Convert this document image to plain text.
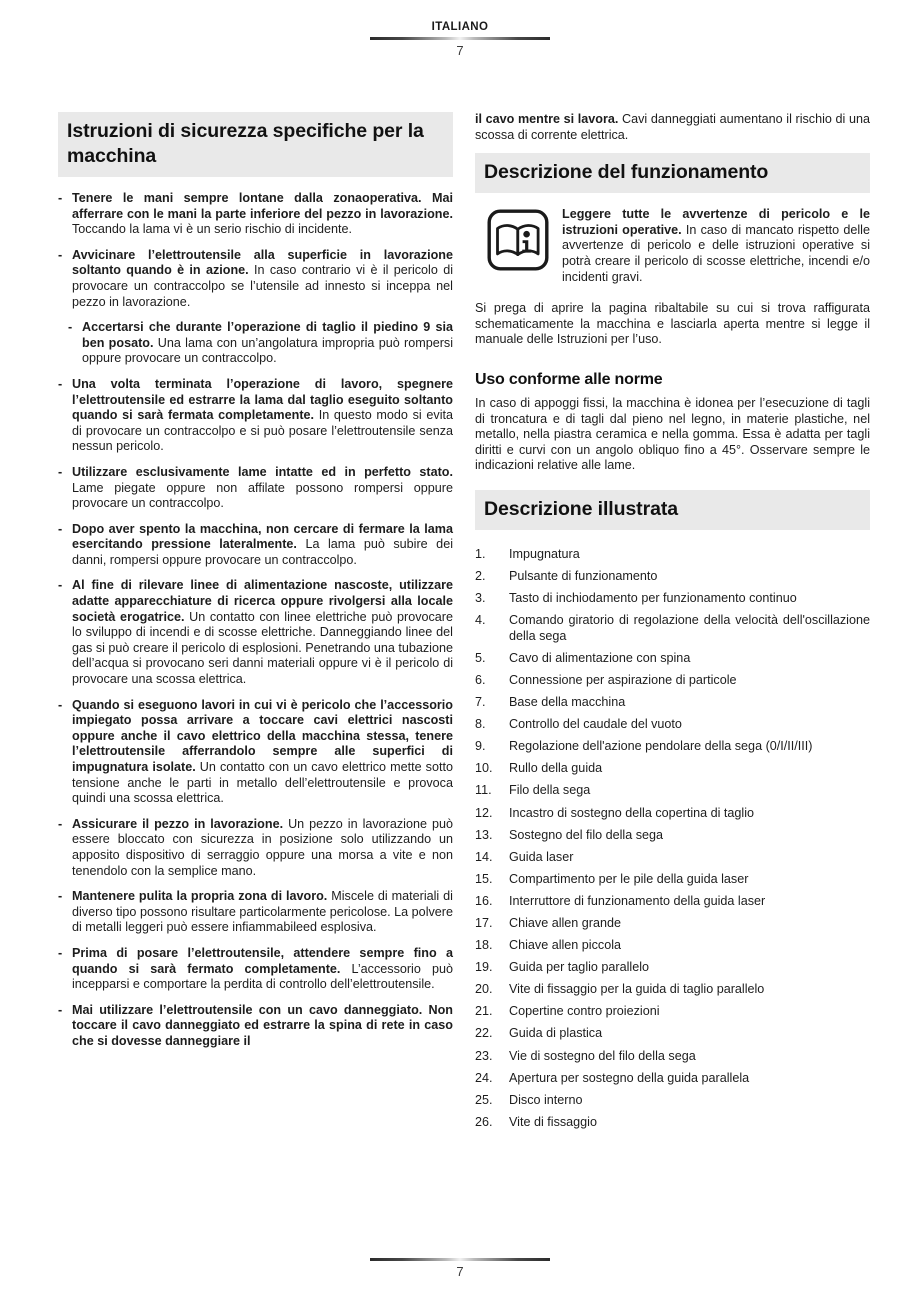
ITALIANO
7
Istruzioni di sicurezza specifiche per la macchina
- Tenere le mani sempre lontane dalla zonaoperativa. Mai afferrare con le mani la parte inferiore del pezzo in lavorazione. Toccando la lama vi è un serio rischio di incidente.
- Avvicinare l’elettroutensile alla superficie in lavorazione soltanto quando è in azione. In caso contrario vi è il pericolo di provocare un contraccolpo se l’utensile ad innesto si inceppa nel pezzo in lavorazione.
- Accertarsi che durante l’operazione di taglio il piedino 9 sia ben posato. Una lama con un’angolatura impropria può rompersi oppure provocare un contraccolpo.
- Una volta terminata l’operazione di lavoro, spegnere l’elettroutensile ed estrarre la lama dal taglio eseguito soltanto quando si sarà fermata completamente. In questo modo si evita di provocare un contraccolpo e si può posare l’elettroutensile senza nessun pericolo.
- Utilizzare esclusivamente lame intatte ed in perfetto stato. Lame piegate oppure non affilate possono rompersi oppure provocare un contraccolpo.
- Dopo aver spento la macchina, non cercare di fermare la lama esercitando pressione lateralmente. La lama può subire dei danni, rompersi oppure provocare un contraccolpo.
- Al fine di rilevare linee di alimentazione nascoste, utilizzare adatte apparecchiature di ricerca oppure rivolgersi alla locale società erogatrice. Un contatto con linee elettriche può provocare lo sviluppo di incendi e di scosse elettriche. Danneggiando linee del gas si può creare il pericolo di esplosioni. Penetrando una tubazione dell’acqua si provocano seri danni materiali oppure vi è il pericolo di provocare una scossa elettrica.
- Quando si eseguono lavori in cui vi è pericolo che l’accessorio impiegato possa arrivare a toccare cavi elettrici nascosti oppure anche il cavo elettrico della macchina stessa, tenere l’elettroutensile afferrandolo sempre alle superfici di impugnatura isolate. Un contatto con un cavo elettrico mette sotto tensione anche le parti in metallo dell’elettroutensile e provoca quindi una scossa elettrica.
- Assicurare il pezzo in lavorazione. Un pezzo in lavorazione può essere bloccato con sicurezza in posizione solo utilizzando un apposito dispositivo di serraggio oppure una morsa a vite e non tenendolo con la semplice mano.
- Mantenere pulita la propria zona di lavoro. Miscele di materiali di diverso tipo possono risultare particolarmente pericolose. La polvere di metalli leggeri può essere infiammabileed esplosiva.
- Prima di posare l’elettroutensile, attendere sempre fino a quando si sarà fermato completamente. L’accessorio può incepparsi e comportare la perdita di controllo dell’elettroutensile.
- Mai utilizzare l’elettroutensile con un cavo danneggiato. Non toccare il cavo danneggiato ed estrarre la spina di rete in caso che si dovesse danneggiare il

il cavo mentre si lavora. Cavi danneggiati aumentano il rischio di una scossa di corrente elettrica.

Descrizione del funzionamento
Leggere tutte le avvertenze di pericolo e le istruzioni operative. In caso di mancato rispetto delle avvertenze di pericolo e delle istruzioni operative si potrà creare il pericolo di scosse elettriche, incendi e/o incidenti gravi.

Si prega di aprire la pagina ribaltabile su cui si trova raffigurata schematicamente la macchina e lasciarla aperta mentre si legge il manuale delle Istruzioni per l’uso.

Uso conforme alle norme

In caso di appoggi fissi, la macchina è idonea per l’esecuzione di tagli di troncatura e di tagli dal pieno nel legno, in materie plastiche, nel metallo, nella piastra ceramica e nella gomma. Essa è adatta per tagli diritti e curvi con un angolo obliquo fino a 45°. Osservare sempre le indicazioni relative alle lame.

Descrizione illustrata
1.	Impugnatura
2.	Pulsante di funzionamento
3.	Tasto di inchiodamento per funzionamento continuo
4.	Comando giratorio di regolazione della velocità dell'oscillazione della sega
5.	Cavo di alimentazione con spina
6.	Connessione per aspirazione di particole
7.	Base della macchina
8.	Controllo del caudale del vuoto
9.	Regolazione dell'azione pendolare della sega (0/I/II/III)
10.	Rullo della guida
11.	Filo della sega
12.	Incastro di sostegno della copertina di taglio
13.	Sostegno del filo della sega
14.	Guida laser
15.	Compartimento per le pile della guida laser
16.	Interruttore di funzionamento della guida laser
17.	Chiave allen grande
18.	Chiave allen piccola
19.	Guida per taglio parallelo
20.	Vite di fissaggio per la guida di taglio parallelo
21.	Copertine contro proiezioni
22.	Guida di plastica
23.	Vie di sostegno del filo della sega
24.	Apertura per sostegno della guida parallela
25.	Disco interno
26.	Vite di fissaggio
7
